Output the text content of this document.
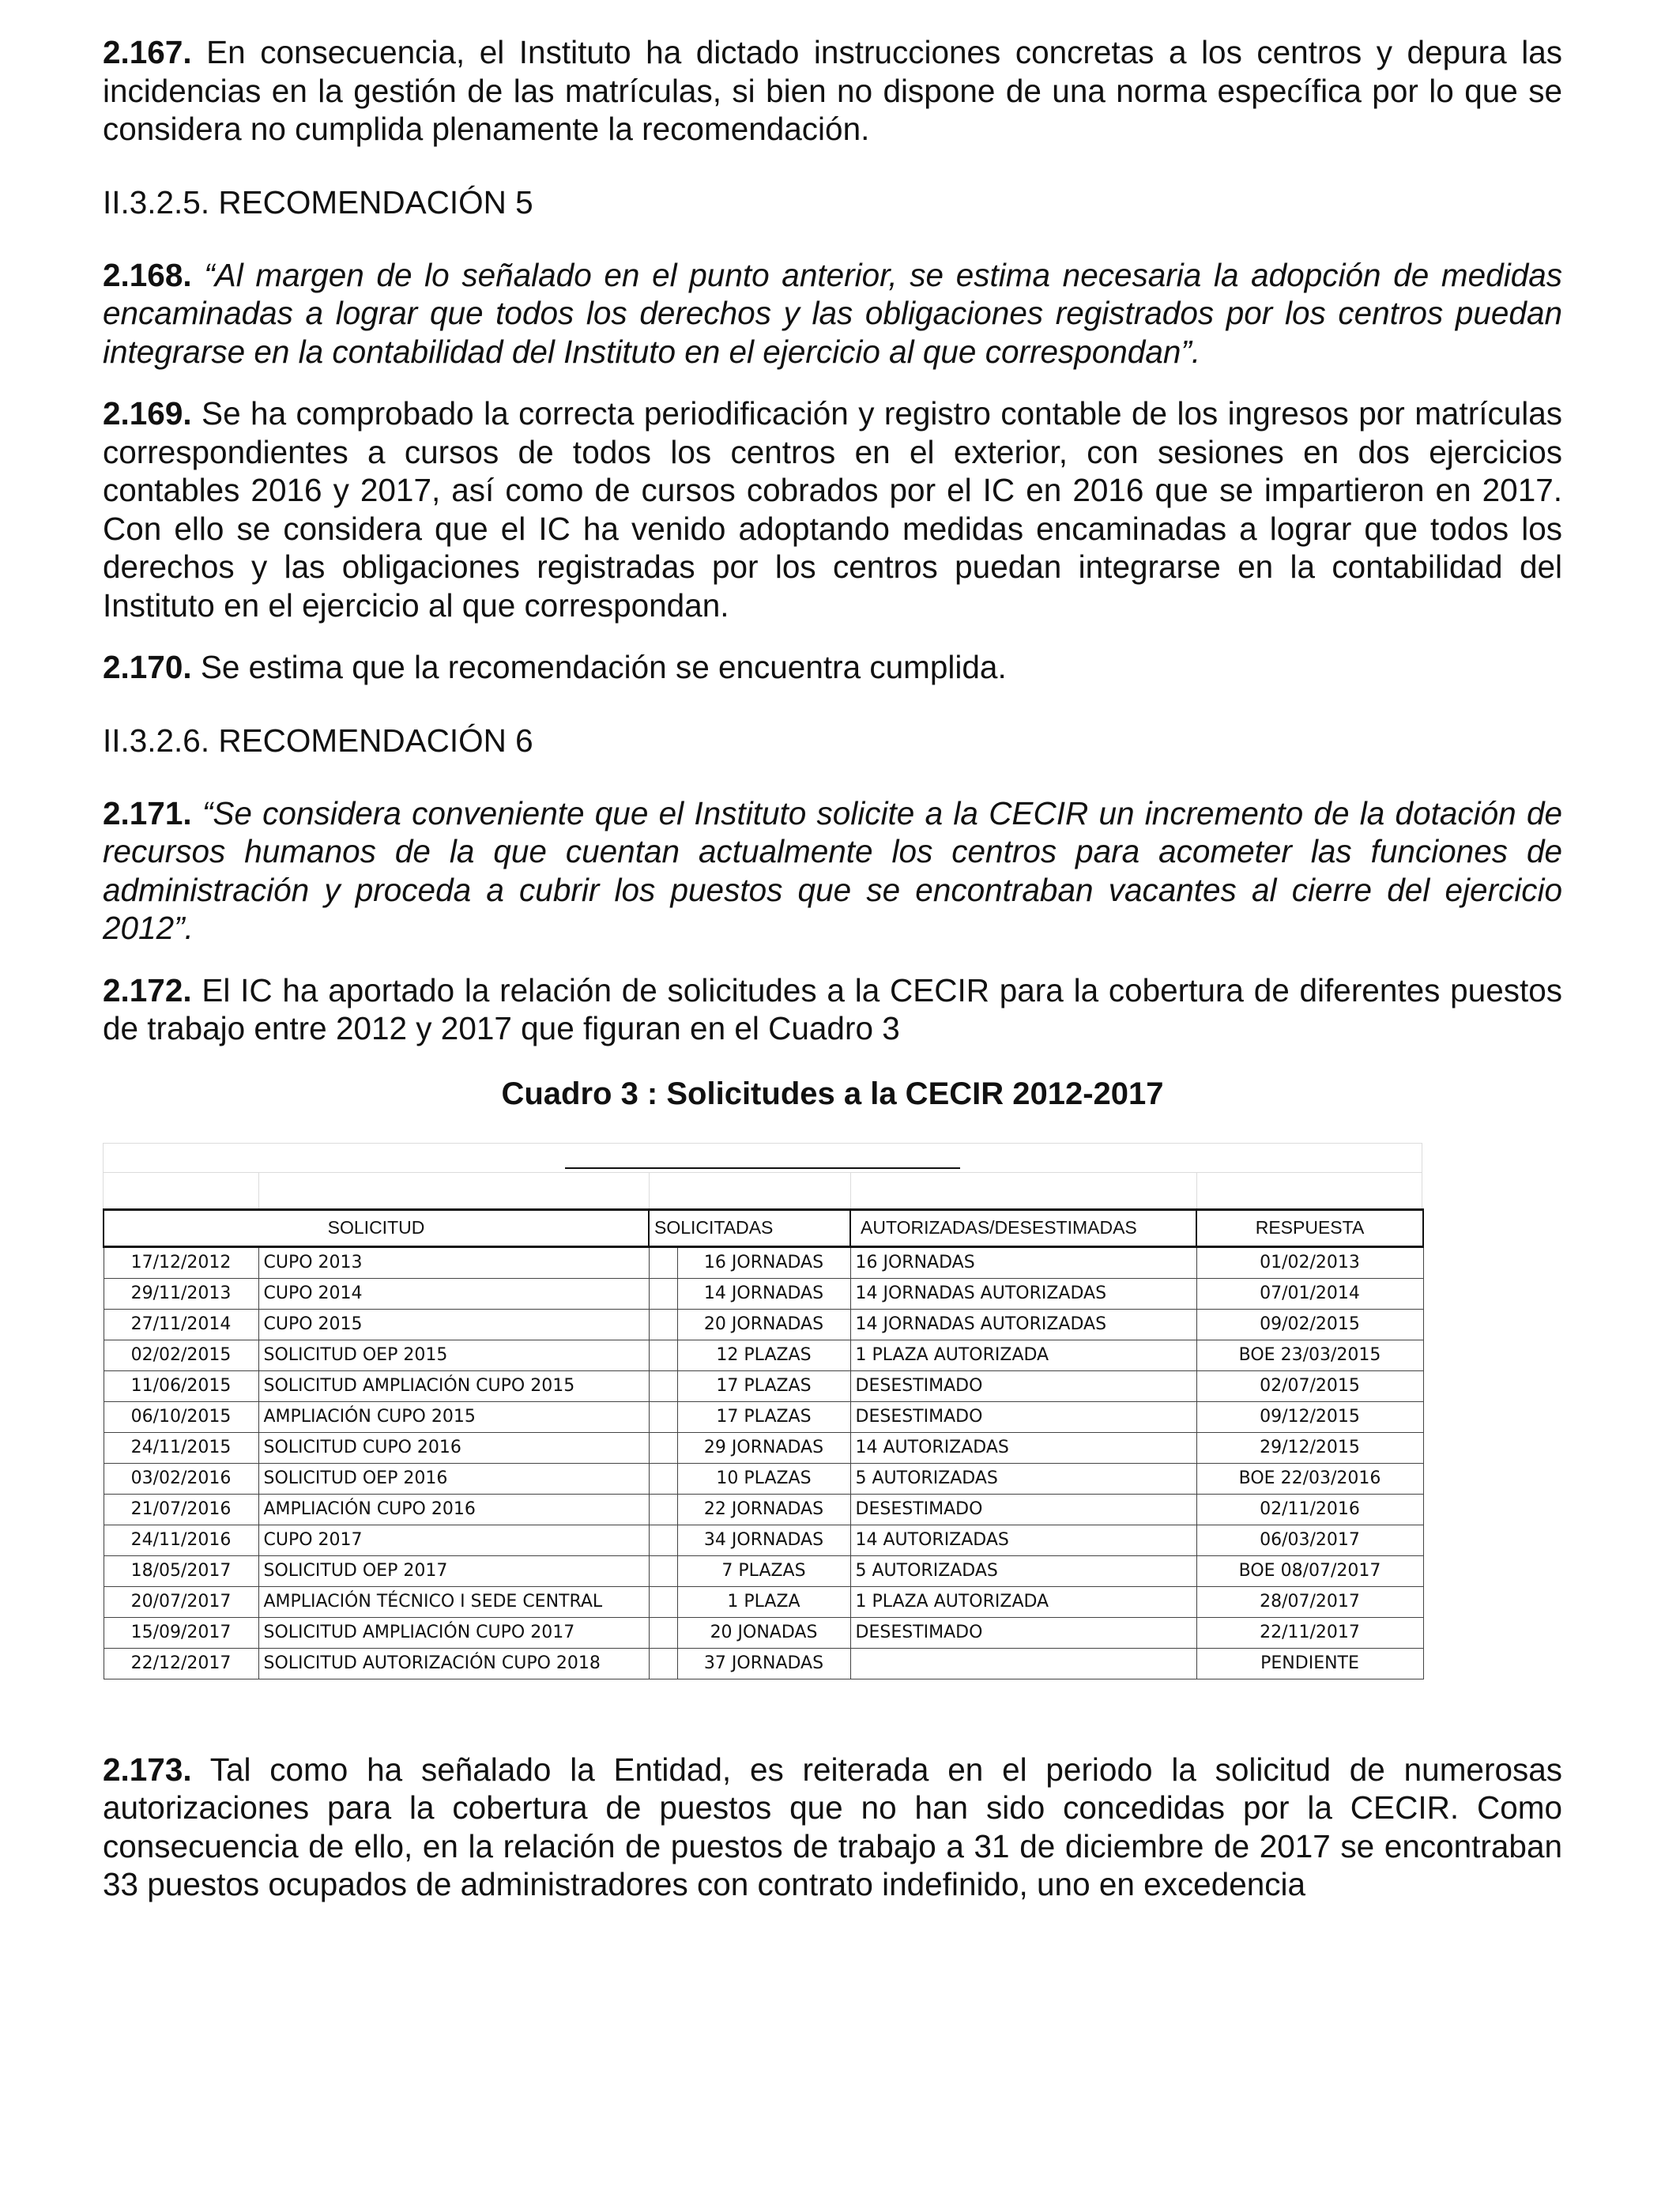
2.167. En consecuencia, el Instituto ha dictado instrucciones concretas a los centros y depura las incidencias en la gestión de las matrículas, si bien no dispone de una norma específica por lo que se considera no cumplida plenamente la recomendación.

II.3.2.5. RECOMENDACIÓN 5

2.168. “Al margen de lo señalado en el punto anterior, se estima necesaria la adopción de medidas encaminadas a lograr que todos los derechos y las obligaciones registrados por los centros puedan integrarse en la contabilidad del Instituto en el ejercicio al que correspondan”.

2.169. Se ha comprobado la correcta periodificación y registro contable de los ingresos por matrículas correspondientes a cursos de todos los centros en el exterior, con sesiones en dos ejercicios contables 2016 y 2017, así como de cursos cobrados por el IC en 2016 que se impartieron en 2017. Con ello se considera que el IC ha venido adoptando medidas encaminadas a lograr que todos los derechos y las obligaciones registradas por los centros puedan integrarse en la contabilidad del Instituto en el ejercicio al que correspondan.

2.170. Se estima que la recomendación se encuentra cumplida.

II.3.2.6. RECOMENDACIÓN 6

2.171. “Se considera conveniente que el Instituto solicite a la CECIR un incremento de la dotación de recursos humanos de la que cuentan actualmente los centros para acometer las funciones de administración y proceda a cubrir los puestos que se encontraban vacantes al cierre del ejercicio 2012”.

2.172. El IC ha aportado la relación de solicitudes a la CECIR para la cobertura de diferentes puestos de trabajo entre 2012 y 2017 que figuran en el Cuadro 3

Cuadro 3 : Solicitudes a la CECIR 2012-2017

SOLICITUD		SOLICITADAS		AUTORIZADAS/DESESTIMADAS	RESPUESTA
17/12/2012	CUPO 2013		16 JORNADAS	16 JORNADAS	01/02/2013
29/11/2013	CUPO 2014		14 JORNADAS	14 JORNADAS AUTORIZADAS	07/01/2014
27/11/2014	CUPO 2015		20 JORNADAS	14 JORNADAS AUTORIZADAS	09/02/2015
02/02/2015	SOLICITUD OEP 2015		12 PLAZAS	1 PLAZA AUTORIZADA	BOE 23/03/2015
11/06/2015	SOLICITUD AMPLIACIÓN CUPO 2015		17 PLAZAS	DESESTIMADO	02/07/2015
06/10/2015	AMPLIACIÓN CUPO 2015		17 PLAZAS	DESESTIMADO	09/12/2015
24/11/2015	SOLICITUD CUPO 2016		29 JORNADAS	14 AUTORIZADAS	29/12/2015
03/02/2016	SOLICITUD OEP 2016		10 PLAZAS	5 AUTORIZADAS	BOE 22/03/2016
21/07/2016	AMPLIACIÓN CUPO 2016		22 JORNADAS	DESESTIMADO	02/11/2016
24/11/2016	CUPO 2017		34 JORNADAS	14 AUTORIZADAS	06/03/2017
18/05/2017	SOLICITUD OEP 2017		7 PLAZAS	5 AUTORIZADAS	BOE 08/07/2017
20/07/2017	AMPLIACIÓN TÉCNICO I SEDE CENTRAL		1 PLAZA	1 PLAZA AUTORIZADA	28/07/2017
15/09/2017	SOLICITUD AMPLIACIÓN CUPO 2017		20 JONADAS	DESESTIMADO	22/11/2017
22/12/2017	SOLICITUD AUTORIZACIÓN CUPO 2018		37 JORNADAS		PENDIENTE

2.173. Tal como ha señalado la Entidad, es reiterada en el periodo la solicitud de numerosas autorizaciones para la cobertura de puestos que no han sido concedidas por la CECIR. Como consecuencia de ello, en la relación de puestos de trabajo a 31 de diciembre de 2017 se encontraban 33 puestos ocupados de administradores con contrato indefinido, uno en excedencia
